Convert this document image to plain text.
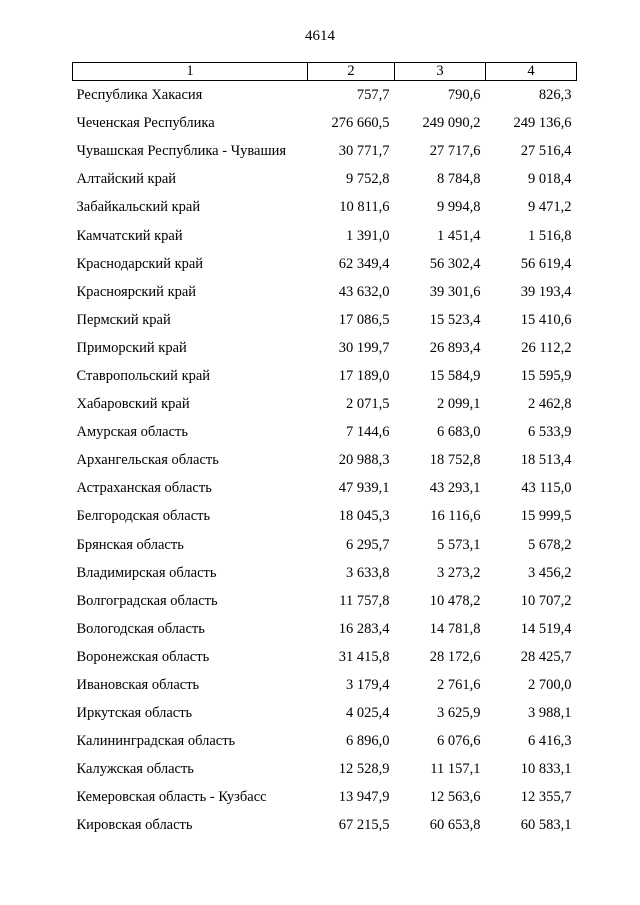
4614
1	2	3	4
Республика Хакасия	757,7	790,6	826,3
Чеченская Республика	276 660,5	249 090,2	249 136,6
Чувашская Республика - Чувашия	30 771,7	27 717,6	27 516,4
Алтайский край	9 752,8	8 784,8	9 018,4
Забайкальский край	10 811,6	9 994,8	9 471,2
Камчатский край	1 391,0	1 451,4	1 516,8
Краснодарский край	62 349,4	56 302,4	56 619,4
Красноярский край	43 632,0	39 301,6	39 193,4
Пермский край	17 086,5	15 523,4	15 410,6
Приморский край	30 199,7	26 893,4	26 112,2
Ставропольский край	17 189,0	15 584,9	15 595,9
Хабаровский край	2 071,5	2 099,1	2 462,8
Амурская область	7 144,6	6 683,0	6 533,9
Архангельская область	20 988,3	18 752,8	18 513,4
Астраханская область	47 939,1	43 293,1	43 115,0
Белгородская область	18 045,3	16 116,6	15 999,5
Брянская область	6 295,7	5 573,1	5 678,2
Владимирская область	3 633,8	3 273,2	3 456,2
Волгоградская область	11 757,8	10 478,2	10 707,2
Вологодская область	16 283,4	14 781,8	14 519,4
Воронежская область	31 415,8	28 172,6	28 425,7
Ивановская область	3 179,4	2 761,6	2 700,0
Иркутская область	4 025,4	3 625,9	3 988,1
Калининградская область	6 896,0	6 076,6	6 416,3
Калужская область	12 528,9	11 157,1	10 833,1
Кемеровская область - Кузбасс	13 947,9	12 563,6	12 355,7
Кировская область	67 215,5	60 653,8	60 583,1
